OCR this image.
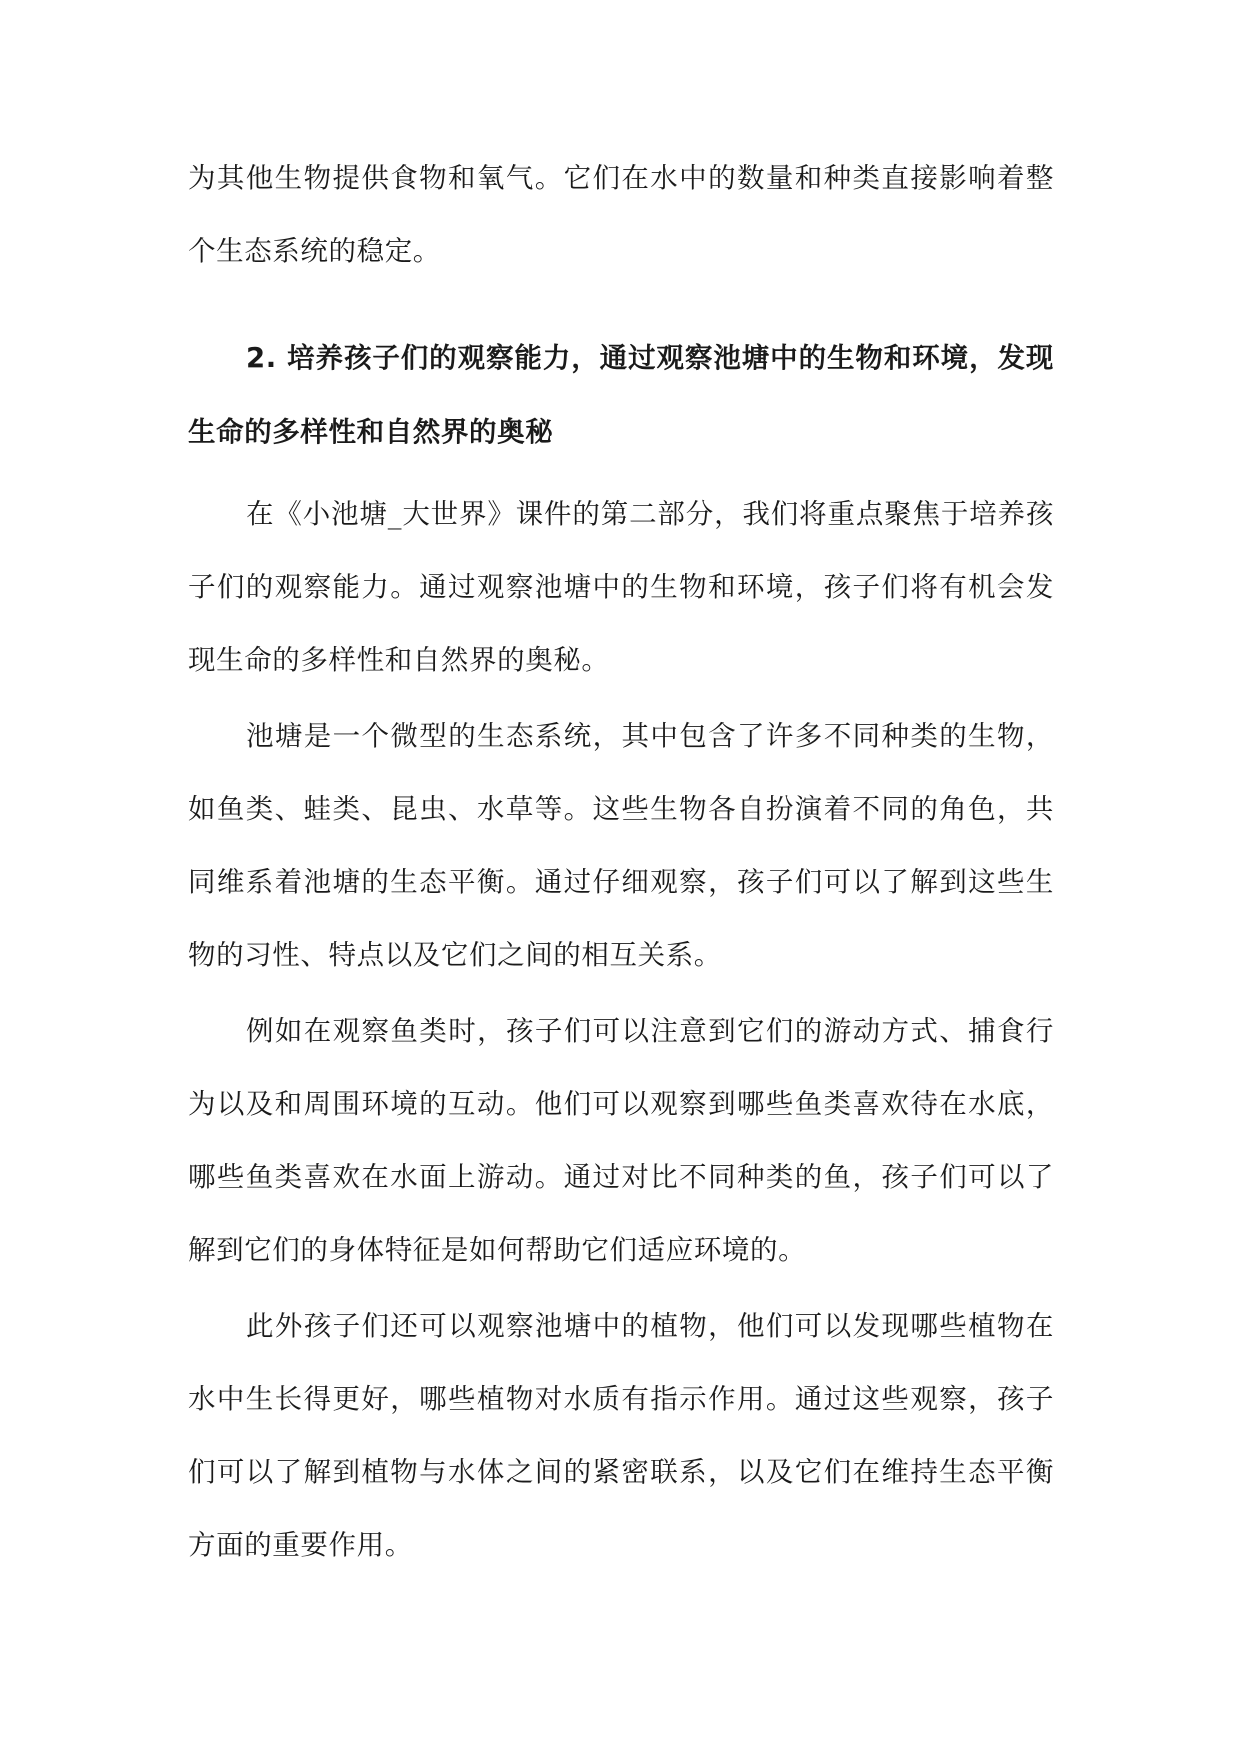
为其他生物提供食物和氧气。它们在水中的数量和种类直接影响着整个生态系统的稳定。

2. 培养孩子们的观察能力，通过观察池塘中的生物和环境，发现生命的多样性和自然界的奥秘

在《小池塘_大世界》课件的第二部分，我们将重点聚焦于培养孩子们的观察能力。通过观察池塘中的生物和环境，孩子们将有机会发现生命的多样性和自然界的奥秘。

池塘是一个微型的生态系统，其中包含了许多不同种类的生物，如鱼类、蛙类、昆虫、水草等。这些生物各自扮演着不同的角色，共同维系着池塘的生态平衡。通过仔细观察，孩子们可以了解到这些生物的习性、特点以及它们之间的相互关系。

例如在观察鱼类时，孩子们可以注意到它们的游动方式、捕食行为以及和周围环境的互动。他们可以观察到哪些鱼类喜欢待在水底，哪些鱼类喜欢在水面上游动。通过对比不同种类的鱼，孩子们可以了解到它们的身体特征是如何帮助它们适应环境的。

此外孩子们还可以观察池塘中的植物，他们可以发现哪些植物在水中生长得更好，哪些植物对水质有指示作用。通过这些观察，孩子们可以了解到植物与水体之间的紧密联系，以及它们在维持生态平衡方面的重要作用。
